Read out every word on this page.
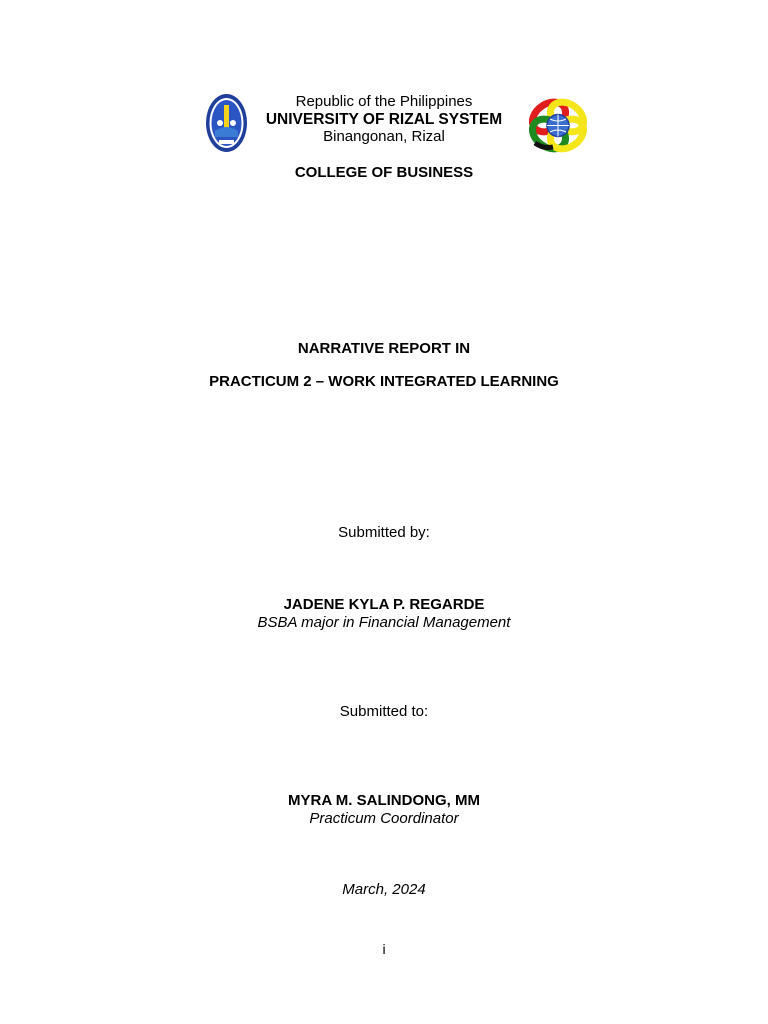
Republic of the Philippines
UNIVERSITY OF RIZAL SYSTEM
Binangonan, Rizal
COLLEGE OF BUSINESS
NARRATIVE REPORT IN
PRACTICUM 2 – WORK INTEGRATED LEARNING
Submitted by:
JADENE KYLA P. REGARDE
BSBA major in Financial Management
Submitted to:
MYRA M. SALINDONG, MM
Practicum Coordinator
March, 2024
i
